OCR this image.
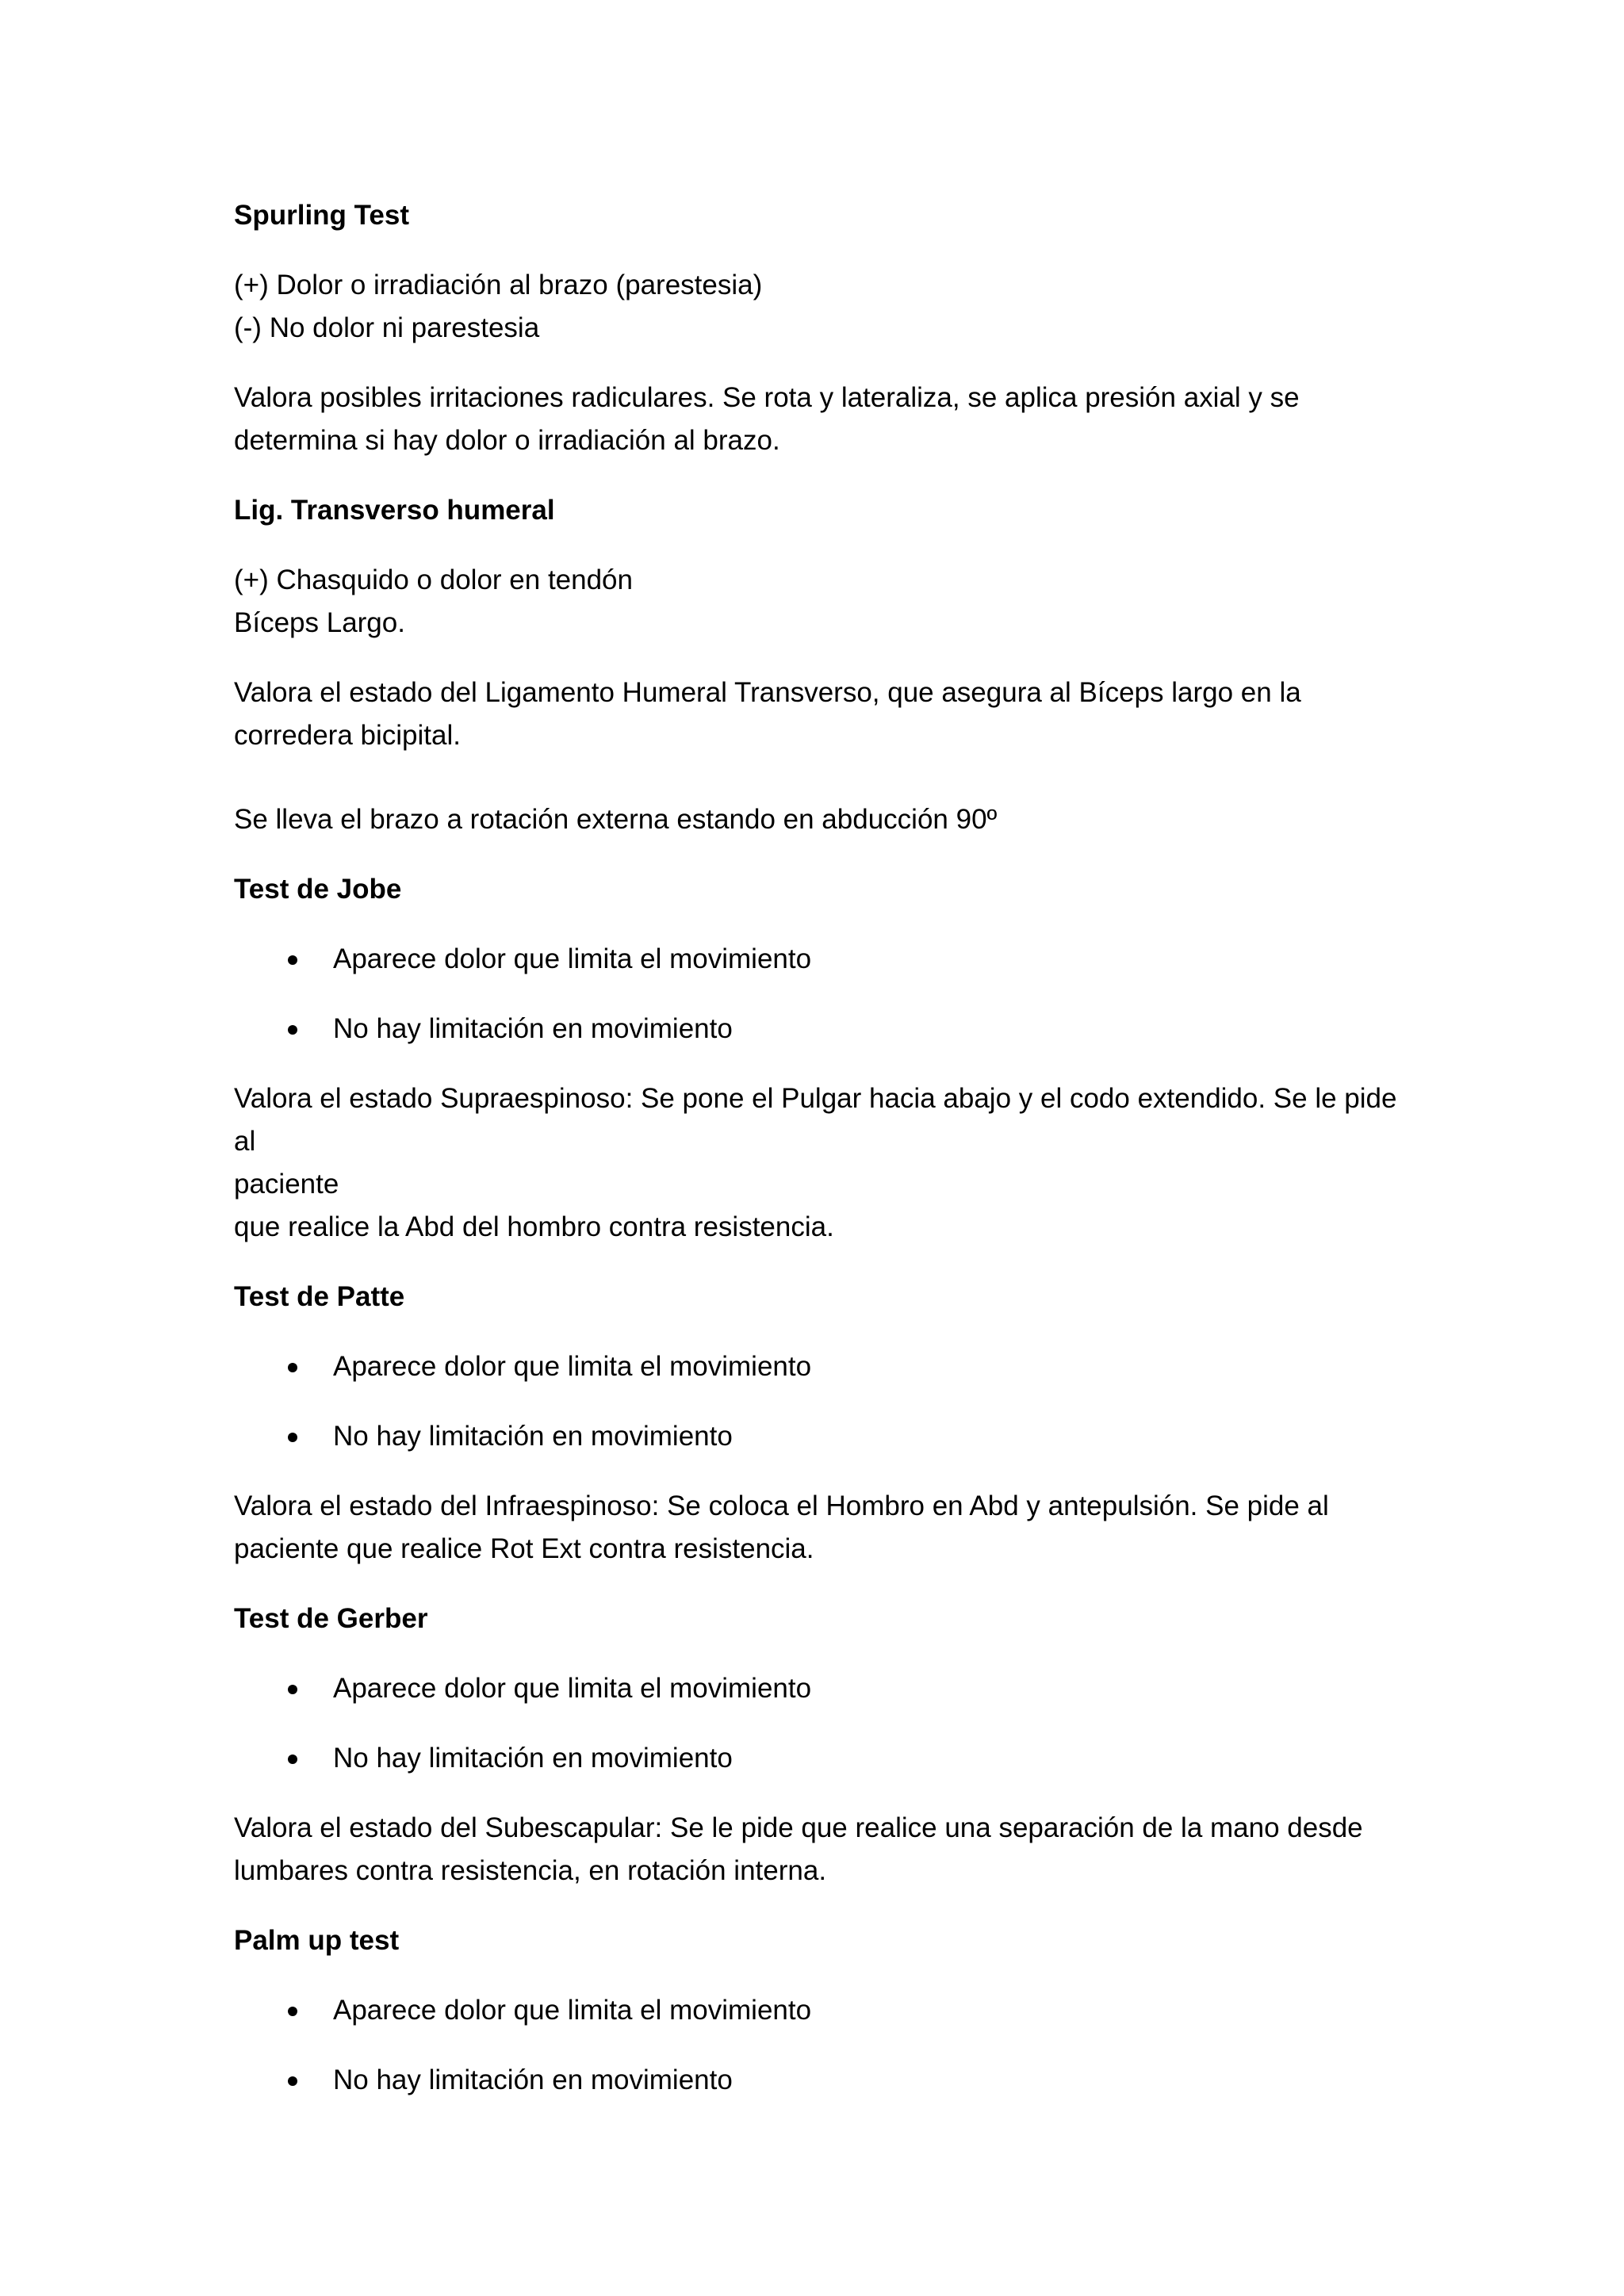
Spurling Test
(+) Dolor o irradiación al brazo (parestesia)
(-) No dolor ni parestesia
Valora posibles irritaciones radiculares. Se rota y lateraliza, se aplica presión axial y se
determina si hay dolor o irradiación al brazo.
Lig. Transverso humeral
(+) Chasquido o dolor en tendón
Bíceps Largo.
Valora el estado del Ligamento Humeral Transverso, que asegura al Bíceps largo en la
corredera bicipital.
Se lleva el brazo a rotación externa estando en abducción 90º
Test de Jobe
Aparece dolor que limita el movimiento
No hay limitación en movimiento
Valora el estado Supraespinoso: Se pone el Pulgar hacia abajo y el codo extendido. Se le pide al
paciente
que realice la Abd del hombro contra resistencia.
Test de Patte
Aparece dolor que limita el movimiento
No hay limitación en movimiento
Valora el estado del Infraespinoso: Se coloca el Hombro en Abd y antepulsión. Se pide al
paciente que realice Rot Ext contra resistencia.
Test de Gerber
Aparece dolor que limita el movimiento
No hay limitación en movimiento
Valora el estado del Subescapular: Se le pide que realice una separación de la mano desde
lumbares contra resistencia, en rotación interna.
Palm up test
Aparece dolor que limita el movimiento
No hay limitación en movimiento
